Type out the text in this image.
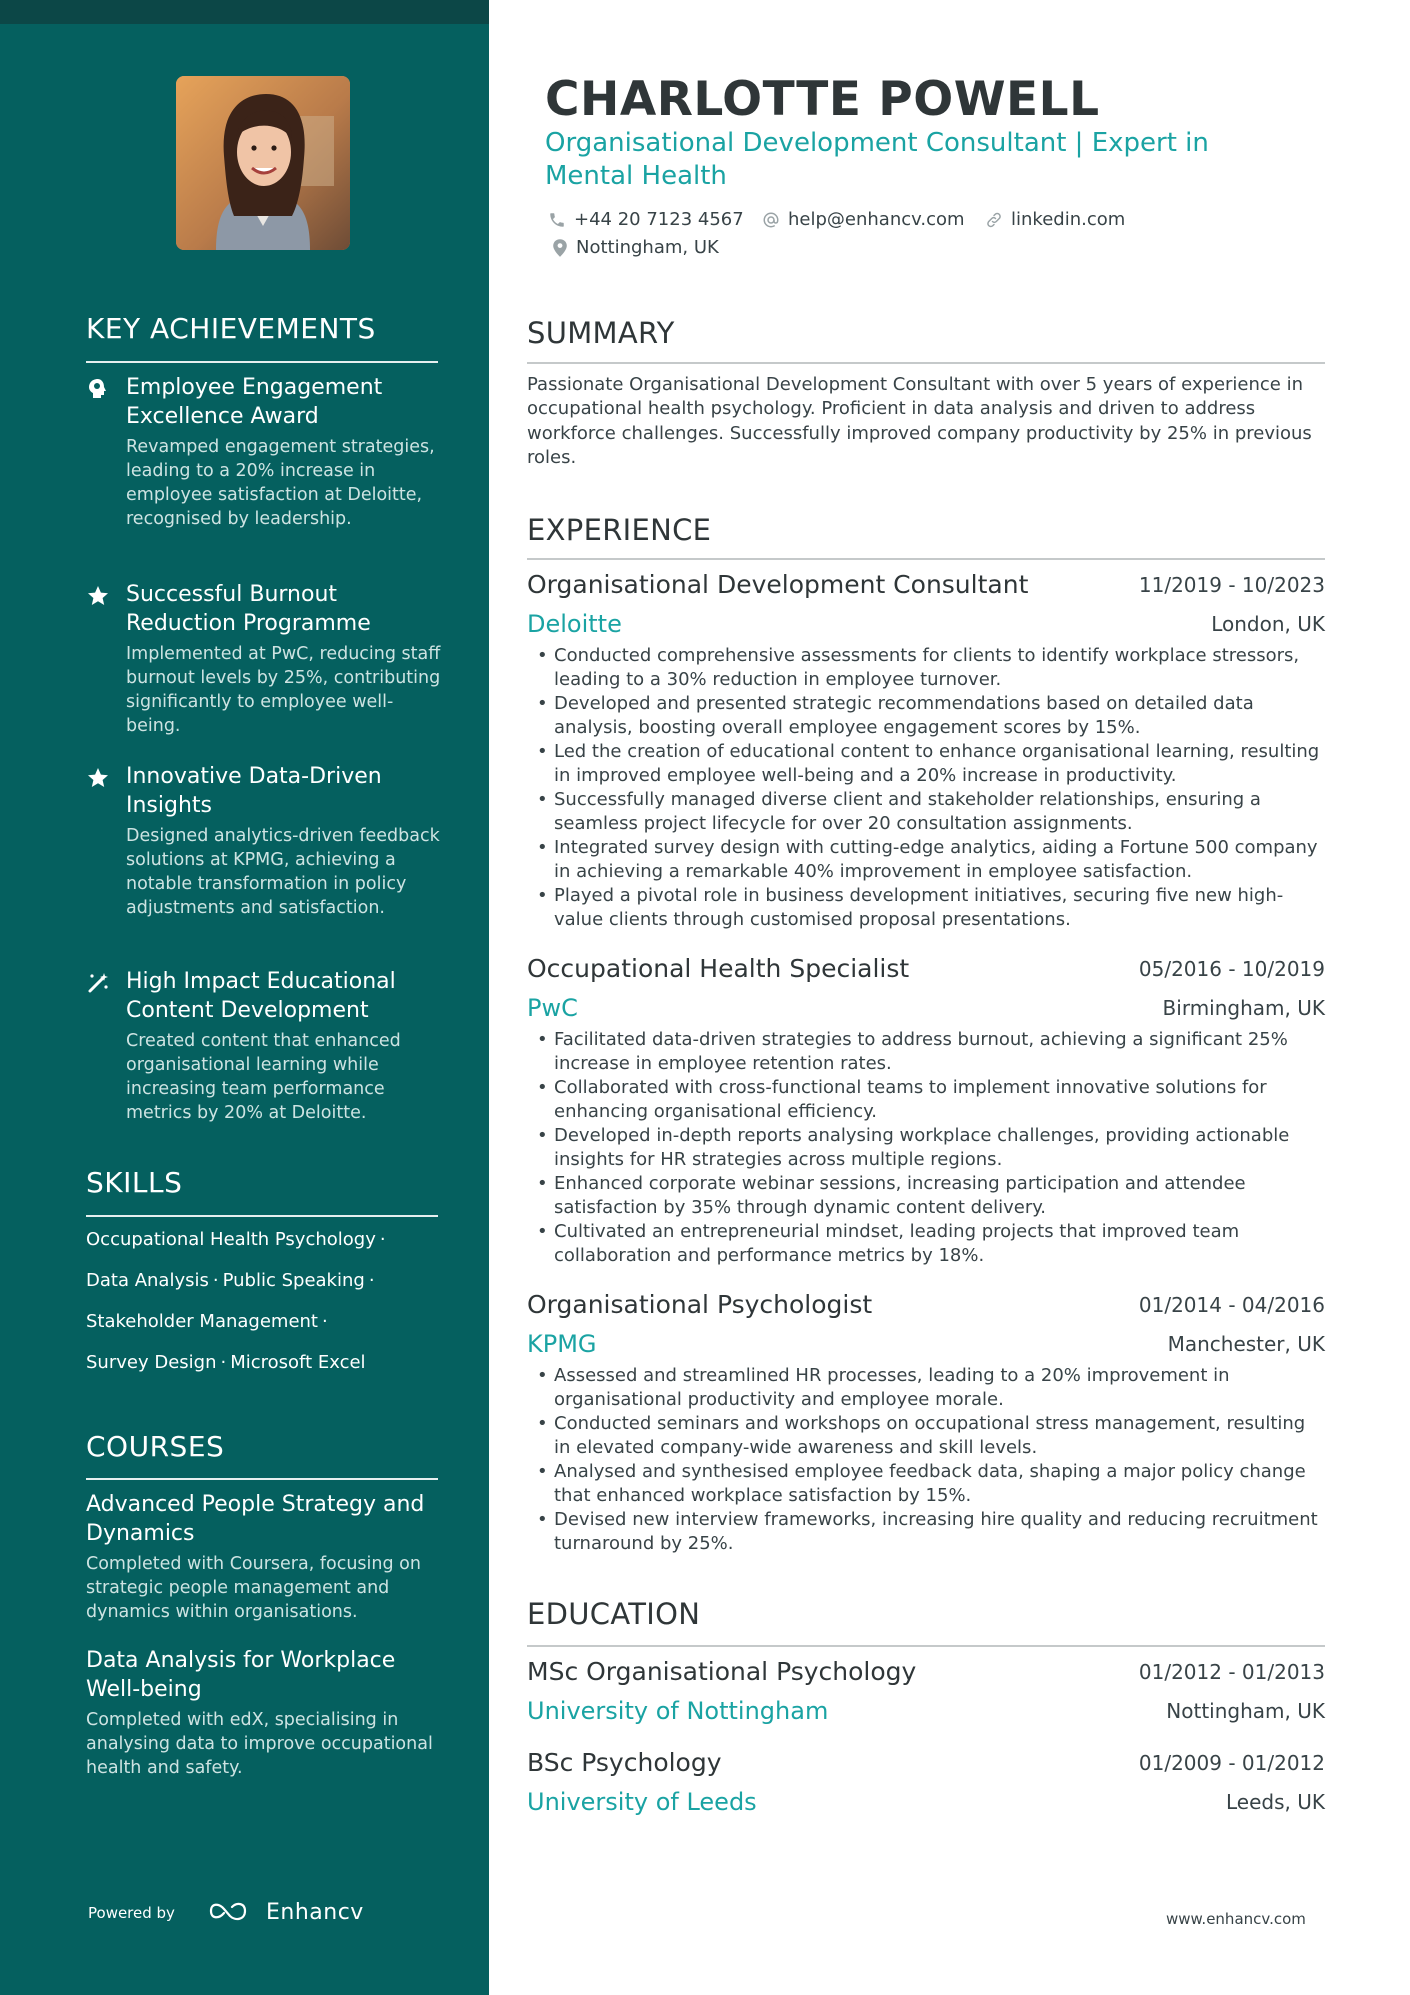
KEY ACHIEVEMENTS
Employee Engagement Excellence Award
Revamped engagement strategies, leading to a 20% increase in employee satisfaction at Deloitte, recognised by leadership.
Successful Burnout Reduction Programme
Implemented at PwC, reducing staff burnout levels by 25%, contributing significantly to employee well-being.
Innovative Data-Driven Insights
Designed analytics-driven feedback solutions at KPMG, achieving a notable transformation in policy adjustments and satisfaction.
High Impact Educational Content Development
Created content that enhanced organisational learning while increasing team performance metrics by 20% at Deloitte.
SKILLS
Occupational Health Psychology ·
Data Analysis · Public Speaking ·
Stakeholder Management ·
Survey Design · Microsoft Excel
COURSES
Advanced People Strategy and Dynamics
Completed with Coursera, focusing on strategic people management and dynamics within organisations.
Data Analysis for Workplace Well-being
Completed with edX, specialising in analysing data to improve occupational health and safety.
Powered by	Enhancv
CHARLOTTE POWELL
Organisational Development Consultant | Expert in Mental Health
+44 20 7123 4567 help@enhancv.com	linkedin.com
Nottingham, UK
SUMMARY
Passionate Organisational Development Consultant with over 5 years of experience in occupational health psychology. Proficient in data analysis and driven to address workforce challenges. Successfully improved company productivity by 25% in previous roles.
EXPERIENCE
Organisational Development Consultant	11/2019 - 10/2023
Deloitte	London, UK
• Conducted comprehensive assessments for clients to identify workplace stressors, leading to a 30% reduction in employee turnover.
• Developed and presented strategic recommendations based on detailed data analysis, boosting overall employee engagement scores by 15%.
• Led the creation of educational content to enhance organisational learning, resulting in improved employee well-being and a 20% increase in productivity.
• Successfully managed diverse client and stakeholder relationships, ensuring a seamless project lifecycle for over 20 consultation assignments.
• Integrated survey design with cutting-edge analytics, aiding a Fortune 500 company in achieving a remarkable 40% improvement in employee satisfaction.
• Played a pivotal role in business development initiatives, securing five new high-value clients through customised proposal presentations.
Occupational Health Specialist	05/2016 - 10/2019
PwC	Birmingham, UK
• Facilitated data-driven strategies to address burnout, achieving a significant 25% increase in employee retention rates.
• Collaborated with cross-functional teams to implement innovative solutions for enhancing organisational efficiency.
• Developed in-depth reports analysing workplace challenges, providing actionable insights for HR strategies across multiple regions.
• Enhanced corporate webinar sessions, increasing participation and attendee satisfaction by 35% through dynamic content delivery.
• Cultivated an entrepreneurial mindset, leading projects that improved team collaboration and performance metrics by 18%.
Organisational Psychologist	01/2014 - 04/2016
KPMG	Manchester, UK
• Assessed and streamlined HR processes, leading to a 20% improvement in organisational productivity and employee morale.
• Conducted seminars and workshops on occupational stress management, resulting in elevated company-wide awareness and skill levels.
• Analysed and synthesised employee feedback data, shaping a major policy change that enhanced workplace satisfaction by 15%.
• Devised new interview frameworks, increasing hire quality and reducing recruitment turnaround by 25%.
EDUCATION
MSc Organisational Psychology	01/2012 - 01/2013
University of Nottingham	Nottingham, UK
BSc Psychology	01/2009 - 01/2012
University of Leeds	Leeds, UK
www.enhancv.com
